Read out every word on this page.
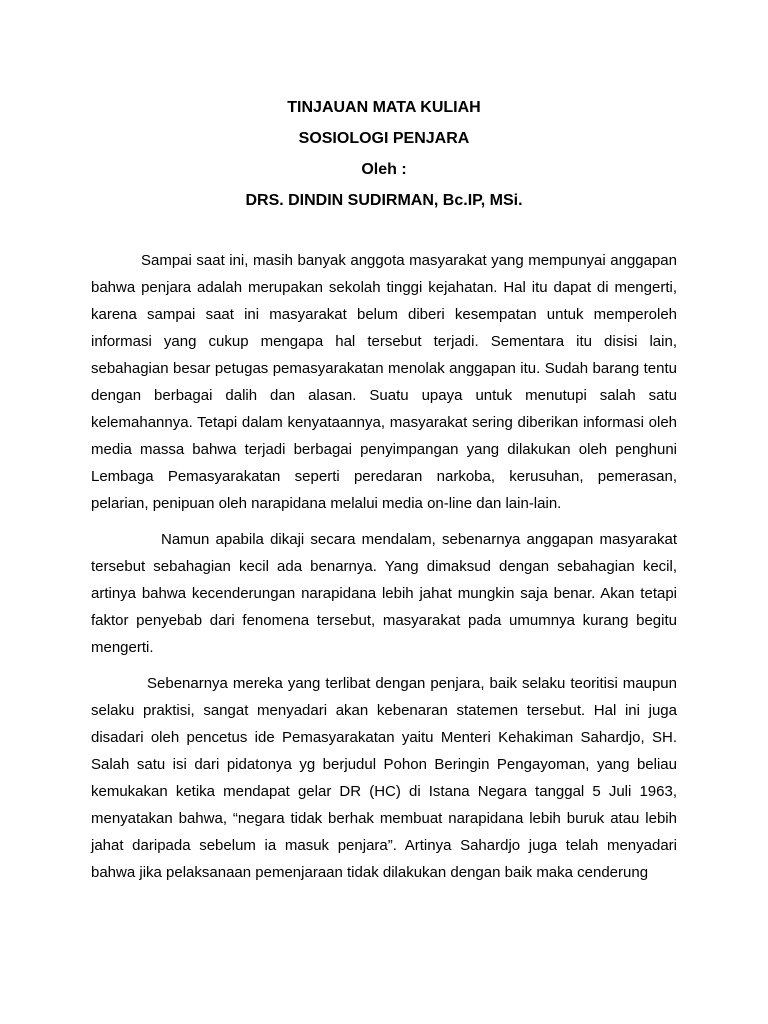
TINJAUAN MATA KULIAH
SOSIOLOGI PENJARA
Oleh :
DRS. DINDIN SUDIRMAN, Bc.IP, MSi.

Sampai saat ini, masih banyak anggota masyarakat yang mempunyai anggapan bahwa penjara adalah merupakan sekolah tinggi kejahatan. Hal itu dapat di mengerti, karena sampai saat ini masyarakat belum diberi kesempatan untuk memperoleh informasi yang cukup mengapa hal tersebut terjadi. Sementara itu disisi lain, sebahagian besar petugas pemasyarakatan menolak anggapan itu. Sudah barang tentu dengan berbagai dalih dan alasan. Suatu upaya untuk menutupi salah satu kelemahannya. Tetapi dalam kenyataannya, masyarakat sering diberikan informasi oleh media massa bahwa terjadi berbagai penyimpangan yang dilakukan oleh penghuni Lembaga Pemasyarakatan seperti peredaran narkoba, kerusuhan, pemerasan, pelarian, penipuan oleh narapidana melalui media on-line dan lain-lain.

Namun apabila dikaji secara mendalam, sebenarnya anggapan masyarakat tersebut sebahagian kecil ada benarnya. Yang dimaksud dengan sebahagian kecil, artinya bahwa kecenderungan narapidana lebih jahat mungkin saja benar. Akan tetapi faktor penyebab dari fenomena tersebut, masyarakat pada umumnya kurang begitu mengerti.

Sebenarnya mereka yang terlibat dengan penjara, baik selaku teoritisi maupun selaku praktisi, sangat menyadari akan kebenaran statemen tersebut. Hal ini juga disadari oleh pencetus ide Pemasyarakatan yaitu Menteri Kehakiman Sahardjo, SH. Salah satu isi dari pidatonya yg berjudul Pohon Beringin Pengayoman, yang beliau kemukakan ketika mendapat gelar DR (HC) di Istana Negara tanggal 5 Juli 1963, menyatakan bahwa, “negara tidak berhak membuat narapidana lebih buruk atau lebih jahat daripada sebelum ia masuk penjara”. Artinya Sahardjo juga telah menyadari bahwa jika pelaksanaan pemenjaraan tidak dilakukan dengan baik maka cenderung
